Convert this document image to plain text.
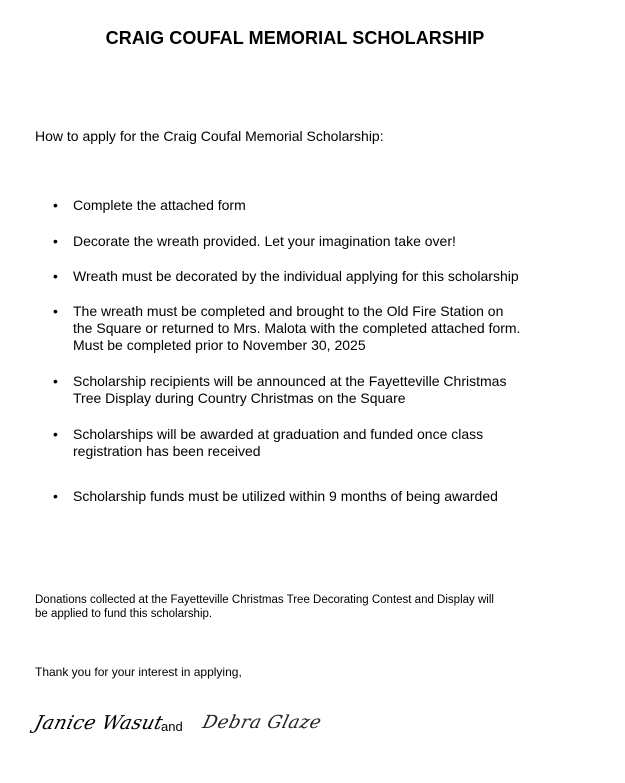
CRAIG COUFAL MEMORIAL SCHOLARSHIP
How to apply for the Craig Coufal Memorial Scholarship:
• Complete the attached form
• Decorate the wreath provided. Let your imagination take over!
• Wreath must be decorated by the individual applying for this scholarship
• The wreath must be completed and brought to the Old Fire Station on
the Square or returned to Mrs. Malota with the completed attached form.
Must be completed prior to November 30, 2025
• Scholarship recipients will be announced at the Fayetteville Christmas
Tree Display during Country Christmas on the Square
• Scholarships will be awarded at graduation and funded once class
registration has been received
• Scholarship funds must be utilized within 9 months of being awarded
Donations collected at the Fayetteville Christmas Tree Decorating Contest and Display will
be applied to fund this scholarship.
Thank you for your interest in applying,
Janice Wasut
and Debra Glaze
